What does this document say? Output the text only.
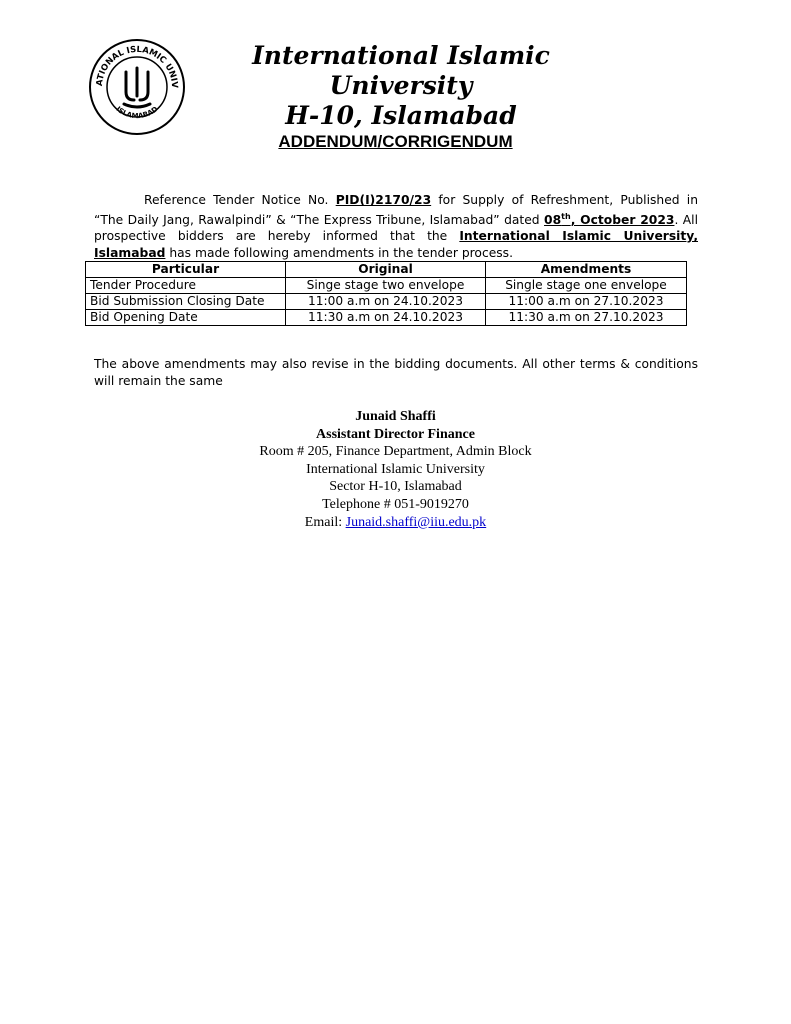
ATIONAL ISLAMIC UNIV
ISLAMABAD
International Islamic University
H-10, Islamabad
ADDENDUM/CORRIGENDUM

Reference Tender Notice No. PID(I)2170/23 for Supply of Refreshment, Published in “The Daily Jang, Rawalpindi” & “The Express Tribune, Islamabad” dated 08th, October 2023. All prospective bidders are hereby informed that the International Islamic University, Islamabad has made following amendments in the tender process.

Particular	Original	Amendments
Tender Procedure	Singe stage two envelope	Single stage one envelope
Bid Submission Closing Date	11:00 a.m on 24.10.2023	11:00 a.m on 27.10.2023
Bid Opening Date	11:30 a.m on 24.10.2023	11:30 a.m on 27.10.2023

The above amendments may also revise in the bidding documents. All other terms & conditions will remain the same

Junaid Shaffi
Assistant Director Finance
Room # 205, Finance Department, Admin Block
International Islamic University
Sector H-10, Islamabad
Telephone # 051-9019270
Email: Junaid.shaffi@iiu.edu.pk
